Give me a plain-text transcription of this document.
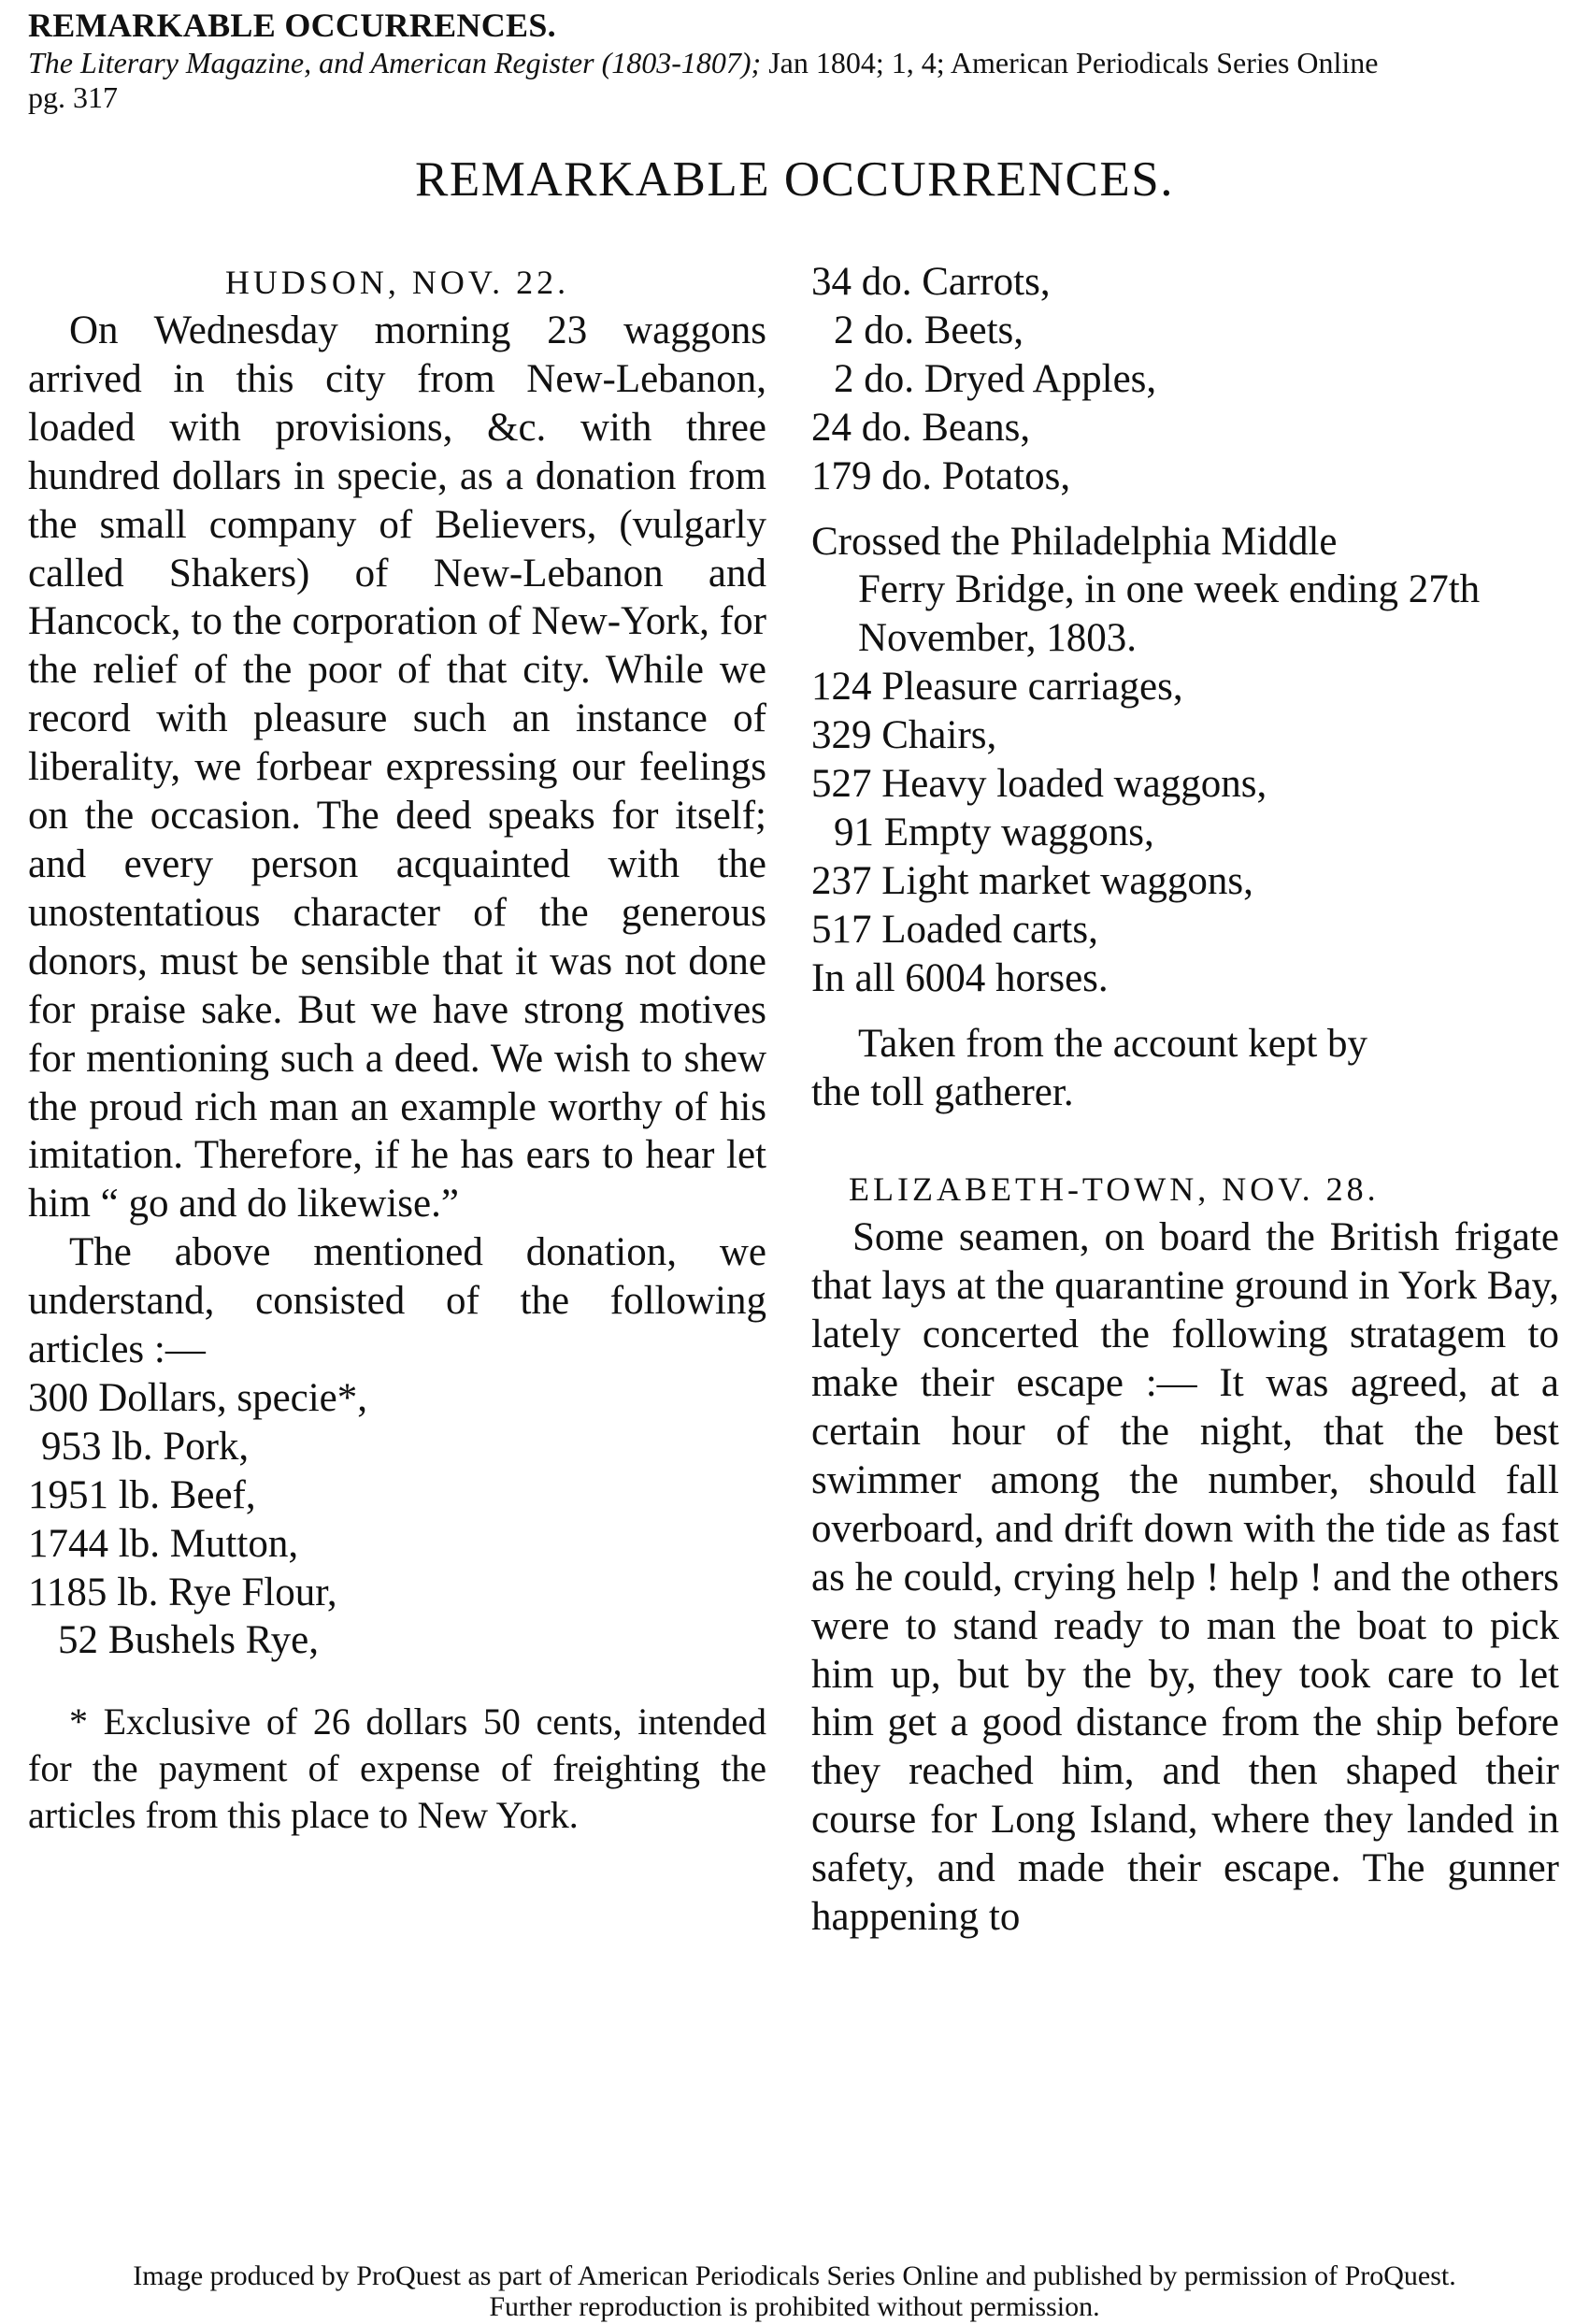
REMARKABLE OCCURRENCES.
The Literary Magazine, and American Register (1803-1807); Jan 1804; 1, 4; American Periodicals Series Online
pg. 317
REMARKABLE OCCURRENCES.
HUDSON, NOV. 22.

On Wednesday morning 23 waggons arrived in this city from New-Lebanon, loaded with provisions, &c. with three hundred dollars in specie, as a donation from the small company of Believers, (vulgarly called Shakers) of New-Lebanon and Hancock, to the corporation of New-York, for the relief of the poor of that city. While we record with pleasure such an instance of liberality, we forbear expressing our feelings on the occasion. The deed speaks for itself; and every person acquainted with the unostentatious character of the generous donors, must be sensible that it was not done for praise sake. But we have strong motives for mentioning such a deed. We wish to shew the proud rich man an example worthy of his imitation. Therefore, if he has ears to hear let him “ go and do likewise.”

The above mentioned donation, we understand, consisted of the following articles :—

300 Dollars, specie*,
953 lb. Pork,
1951 lb. Beef,
1744 lb. Mutton,
1185 lb. Rye Flour,
52 Bushels Rye,

* Exclusive of 26 dollars 50 cents, intended for the payment of expense of freighting the articles from this place to New York.

34 do. Carrots,
2 do. Beets,
2 do. Dryed Apples,
24 do. Beans,
179 do. Potatos,
Crossed the Philadelphia Middle
Ferry Bridge, in one week ending 27th November, 1803.
124 Pleasure carriages,
329 Chairs,
527 Heavy loaded waggons,
91 Empty waggons,
237 Light market waggons,
517 Loaded carts,
In all 6004 horses.
Taken from the account kept by
the toll gatherer.
ELIZABETH-TOWN, NOV. 28.

Some seamen, on board the British frigate that lays at the quarantine ground in York Bay, lately concerted the following stratagem to make their escape :— It was agreed, at a certain hour of the night, that the best swimmer among the number, should fall overboard, and drift down with the tide as fast as he could, crying help ! help ! and the others were to stand ready to man the boat to pick him up, but by the by, they took care to let him get a good distance from the ship before they reached him, and then shaped their course for Long Island, where they landed in safety, and made their escape. The gunner happening to

Image produced by ProQuest as part of American Periodicals Series Online and published by permission of ProQuest.
Further reproduction is prohibited without permission.
